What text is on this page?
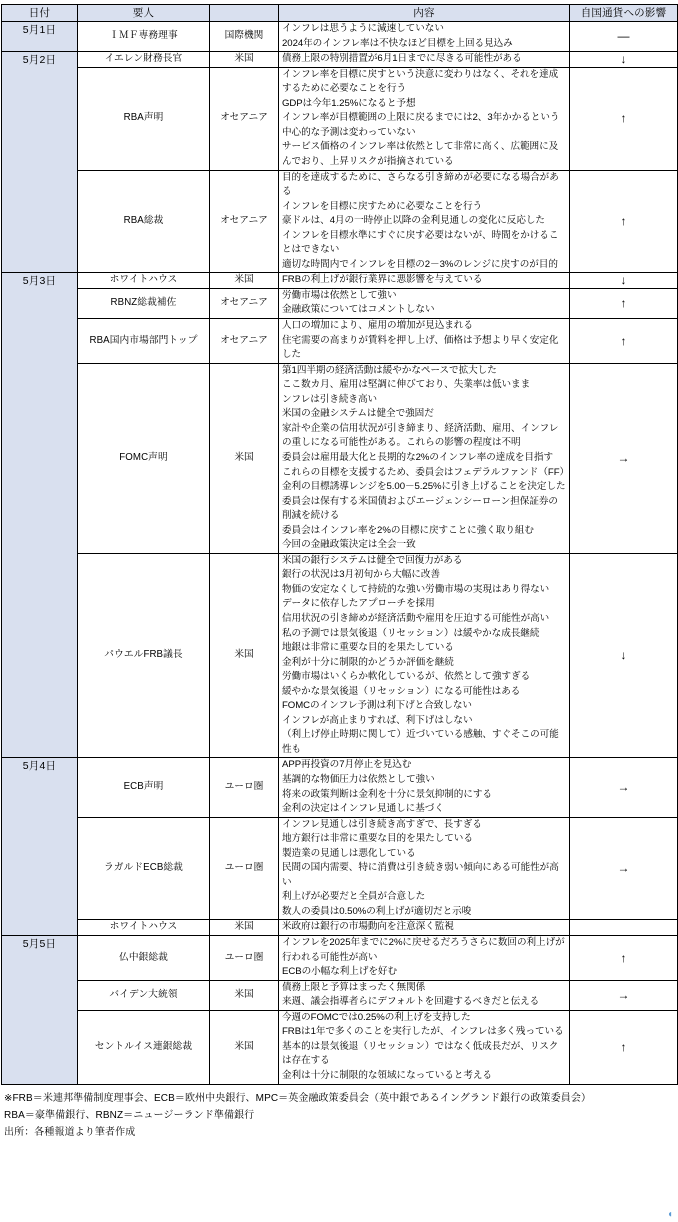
日付	要人		内容	自国通貨への影響
5月1日	ＩＭＦ専務理事	国際機関	
インフレは思うように減速していない
2024年のインフレ率は不快なほど目標を上回る見込み	—
5月2日	イエレン財務長官	米国	債務上限の特別措置が6月1日までに尽きる可能性がある	↓
RBA声明	オセアニア	
インフレ率を目標に戻すという決意に変わりはなく、それを達成するために必要なことを行う
GDPは今年1.25%になると予想
インフレ率が目標範囲の上限に戻るまでには2、3年かかるという中心的な予測は変わっていない
サービス価格のインフレ率は依然として非常に高く、広範囲に及んでおり、上昇リスクが指摘されている
	↑
RBA総裁	オセアニア	
目的を達成するために、さらなる引き締めが必要になる場合がある
インフレを目標に戻すために必要なことを行う
豪ドルは、4月の一時停止以降の金利見通しの変化に反応した
インフレを目標水準にすぐに戻す必要はないが、時間をかけることはできない
適切な時間内でインフレを目標の2－3%のレンジに戻すのが目的
	↑
5月3日	ホワイトハウス	米国	FRBの利上げが銀行業界に悪影響を与えている	↓
RBNZ総裁補佐	オセアニア	
労働市場は依然として強い
金融政策についてはコメントしない	↑
RBA国内市場部門トップ	オセアニア	
人口の増加により、雇用の増加が見込まれる
住宅需要の高まりが賃料を押し上げ、価格は予想より早く安定化した
	↑
FOMC声明	米国	
第1四半期の経済活動は緩やかなペースで拡大した
ここ数カ月、雇用は堅調に伸びており、失業率は低いまま
ンフレは引き続き高い
米国の金融システムは健全で強固だ
家計や企業の信用状況が引き締まり、経済活動、雇用、インフレの重しになる可能性がある。これらの影響の程度は不明
委員会は雇用最大化と長期的な2%のインフレ率の達成を目指す
これらの目標を支援するため、委員会はフェデラルファンド（FF）金利の目標誘導レンジを5.00－5.25%に引き上げることを決定した
委員会は保有する米国債およびエージェンシーローン担保証券の削減を続ける
委員会はインフレ率を2%の目標に戻すことに強く取り組む
今回の金融政策決定は全会一致
	→
パウエルFRB議長	米国	
米国の銀行システムは健全で回復力がある
銀行の状況は3月初旬から大幅に改善
物価の安定なくして持続的な強い労働市場の実現はあり得ない
データに依存したアプローチを採用
信用状況の引き締めが経済活動や雇用を圧迫する可能性が高い
私の予測では景気後退（リセッション）は緩やかな成長継続
地銀は非常に重要な目的を果たしている
金利が十分に制限的かどうか評価を継続
労働市場はいくらか軟化しているが、依然として強すぎる
緩やかな景気後退（リセッション）になる可能性はある
FOMCのインフレ予測は利下げと合致しない
インフレが高止まりすれば、利下げはしない
（利上げ停止時期に関して）近づいている感触、すぐそこの可能性も
	↓
5月4日	ECB声明	ユーロ圏	
APP再投資の7月停止を見込む
基調的な物価圧力は依然として強い
将来の政策判断は金利を十分に景気抑制的にする
金利の決定はインフレ見通しに基づく
	→
ラガルドECB総裁	ユーロ圏	
インフレ見通しは引き続き高すぎで、長すぎる
地方銀行は非常に重要な目的を果たしている
製造業の見通しは悪化している
民間の国内需要、特に消費は引き続き弱い傾向にある可能性が高い
利上げが必要だと全員が合意した
数人の委員は0.50%の利上げが適切だと示唆
	→
ホワイトハウス	米国	米政府は銀行の市場動向を注意深く監視

5月5日	仏中銀総裁	ユーロ圏	
インフレを2025年までに2%に戻せるだろうさらに数回の利上げが行われる可能性が高い
ECBの小幅な利上げを好む
	↑
バイデン大統領	米国	
債務上限と予算はまったく無関係
来週、議会指導者らにデフォルトを回避するべきだと伝える	→
セントルイス連銀総裁	米国	
今週のFOMCでは0.25%の利上げを支持した
FRBは1年で多くのことを実行したが、インフレは多く残っている
基本的は景気後退（リセッション）ではなく低成長だが、リスクは存在する
金利は十分に制限的な領域になっていると考える
	↑
※FRB＝米連邦準備制度理事会、ECB＝欧州中央銀行、MPC＝英金融政策委員会（英中銀であるイングランド銀行の政策委員会）
RBA＝豪準備銀行、RBNZ＝ニュージーランド準備銀行
出所：各種報道より筆者作成
◖
